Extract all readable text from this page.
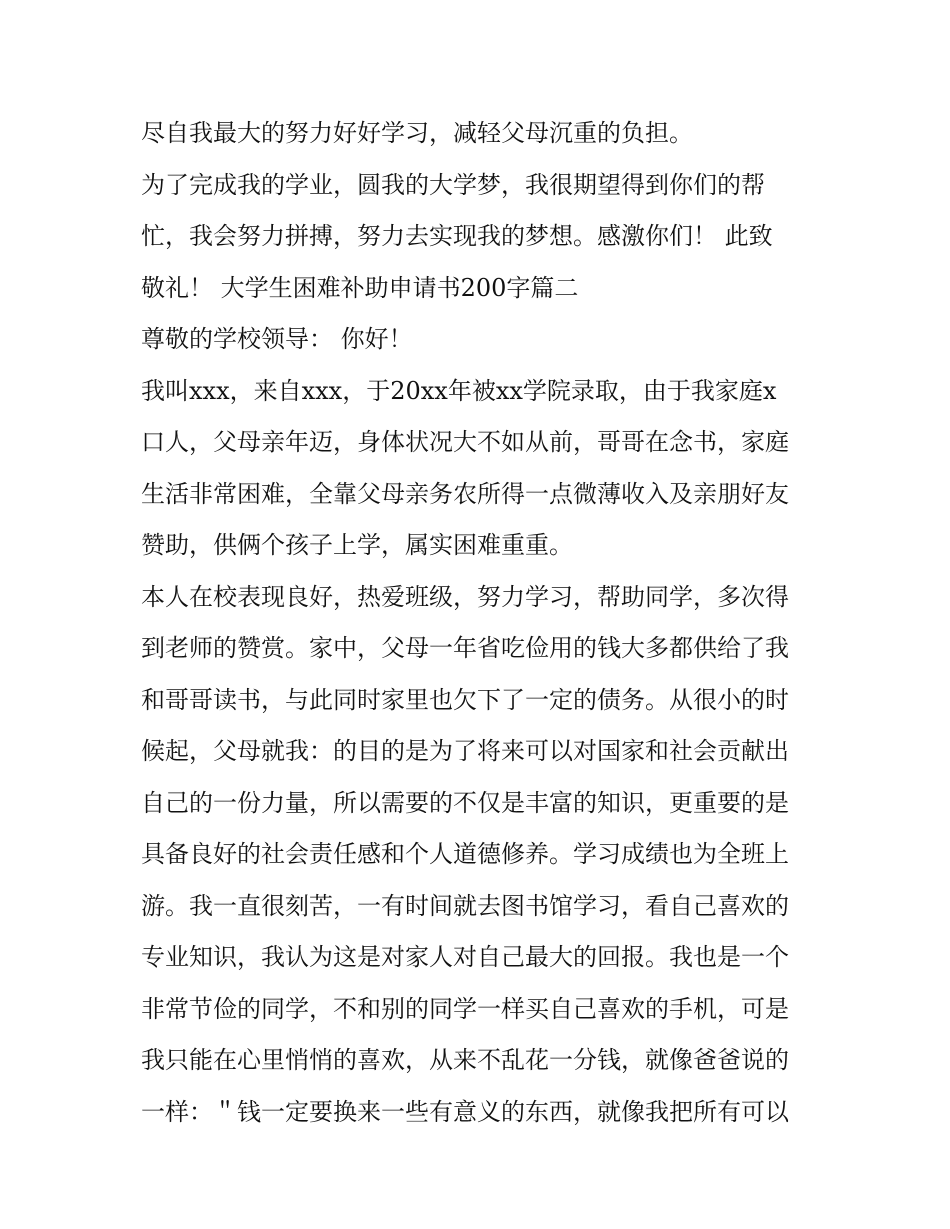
尽自我最大的努力好好学习，减轻父母沉重的负担。
为了完成我的学业，圆我的大学梦，我很期望得到你们的帮
忙，我会努力拼搏，努力去实现我的梦想。感激你们！ 此致
敬礼！ 大学生困难补助申请书200字篇二
尊敬的学校领导： 你好！
我叫xxx，来自xxx，于20xx年被xx学院录取，由于我家庭x
口人，父母亲年迈，身体状况大不如从前，哥哥在念书，家庭
生活非常困难，全靠父母亲务农所得一点微薄收入及亲朋好友
赞助，供俩个孩子上学，属实困难重重。
本人在校表现良好，热爱班级，努力学习，帮助同学，多次得
到老师的赞赏。家中，父母一年省吃俭用的钱大多都供给了我
和哥哥读书，与此同时家里也欠下了一定的债务。从很小的时
候起，父母就我：的目的是为了将来可以对国家和社会贡献出
自己的一份力量，所以需要的不仅是丰富的知识，更重要的是
具备良好的社会责任感和个人道德修养。学习成绩也为全班上
游。我一直很刻苦，一有时间就去图书馆学习，看自己喜欢的
专业知识，我认为这是对家人对自己最大的回报。我也是一个
非常节俭的同学，不和别的同学一样买自己喜欢的手机，可是
我只能在心里悄悄的喜欢，从来不乱花一分钱，就像爸爸说的
一样：＂钱一定要换来一些有意义的东西，就像我把所有可以
